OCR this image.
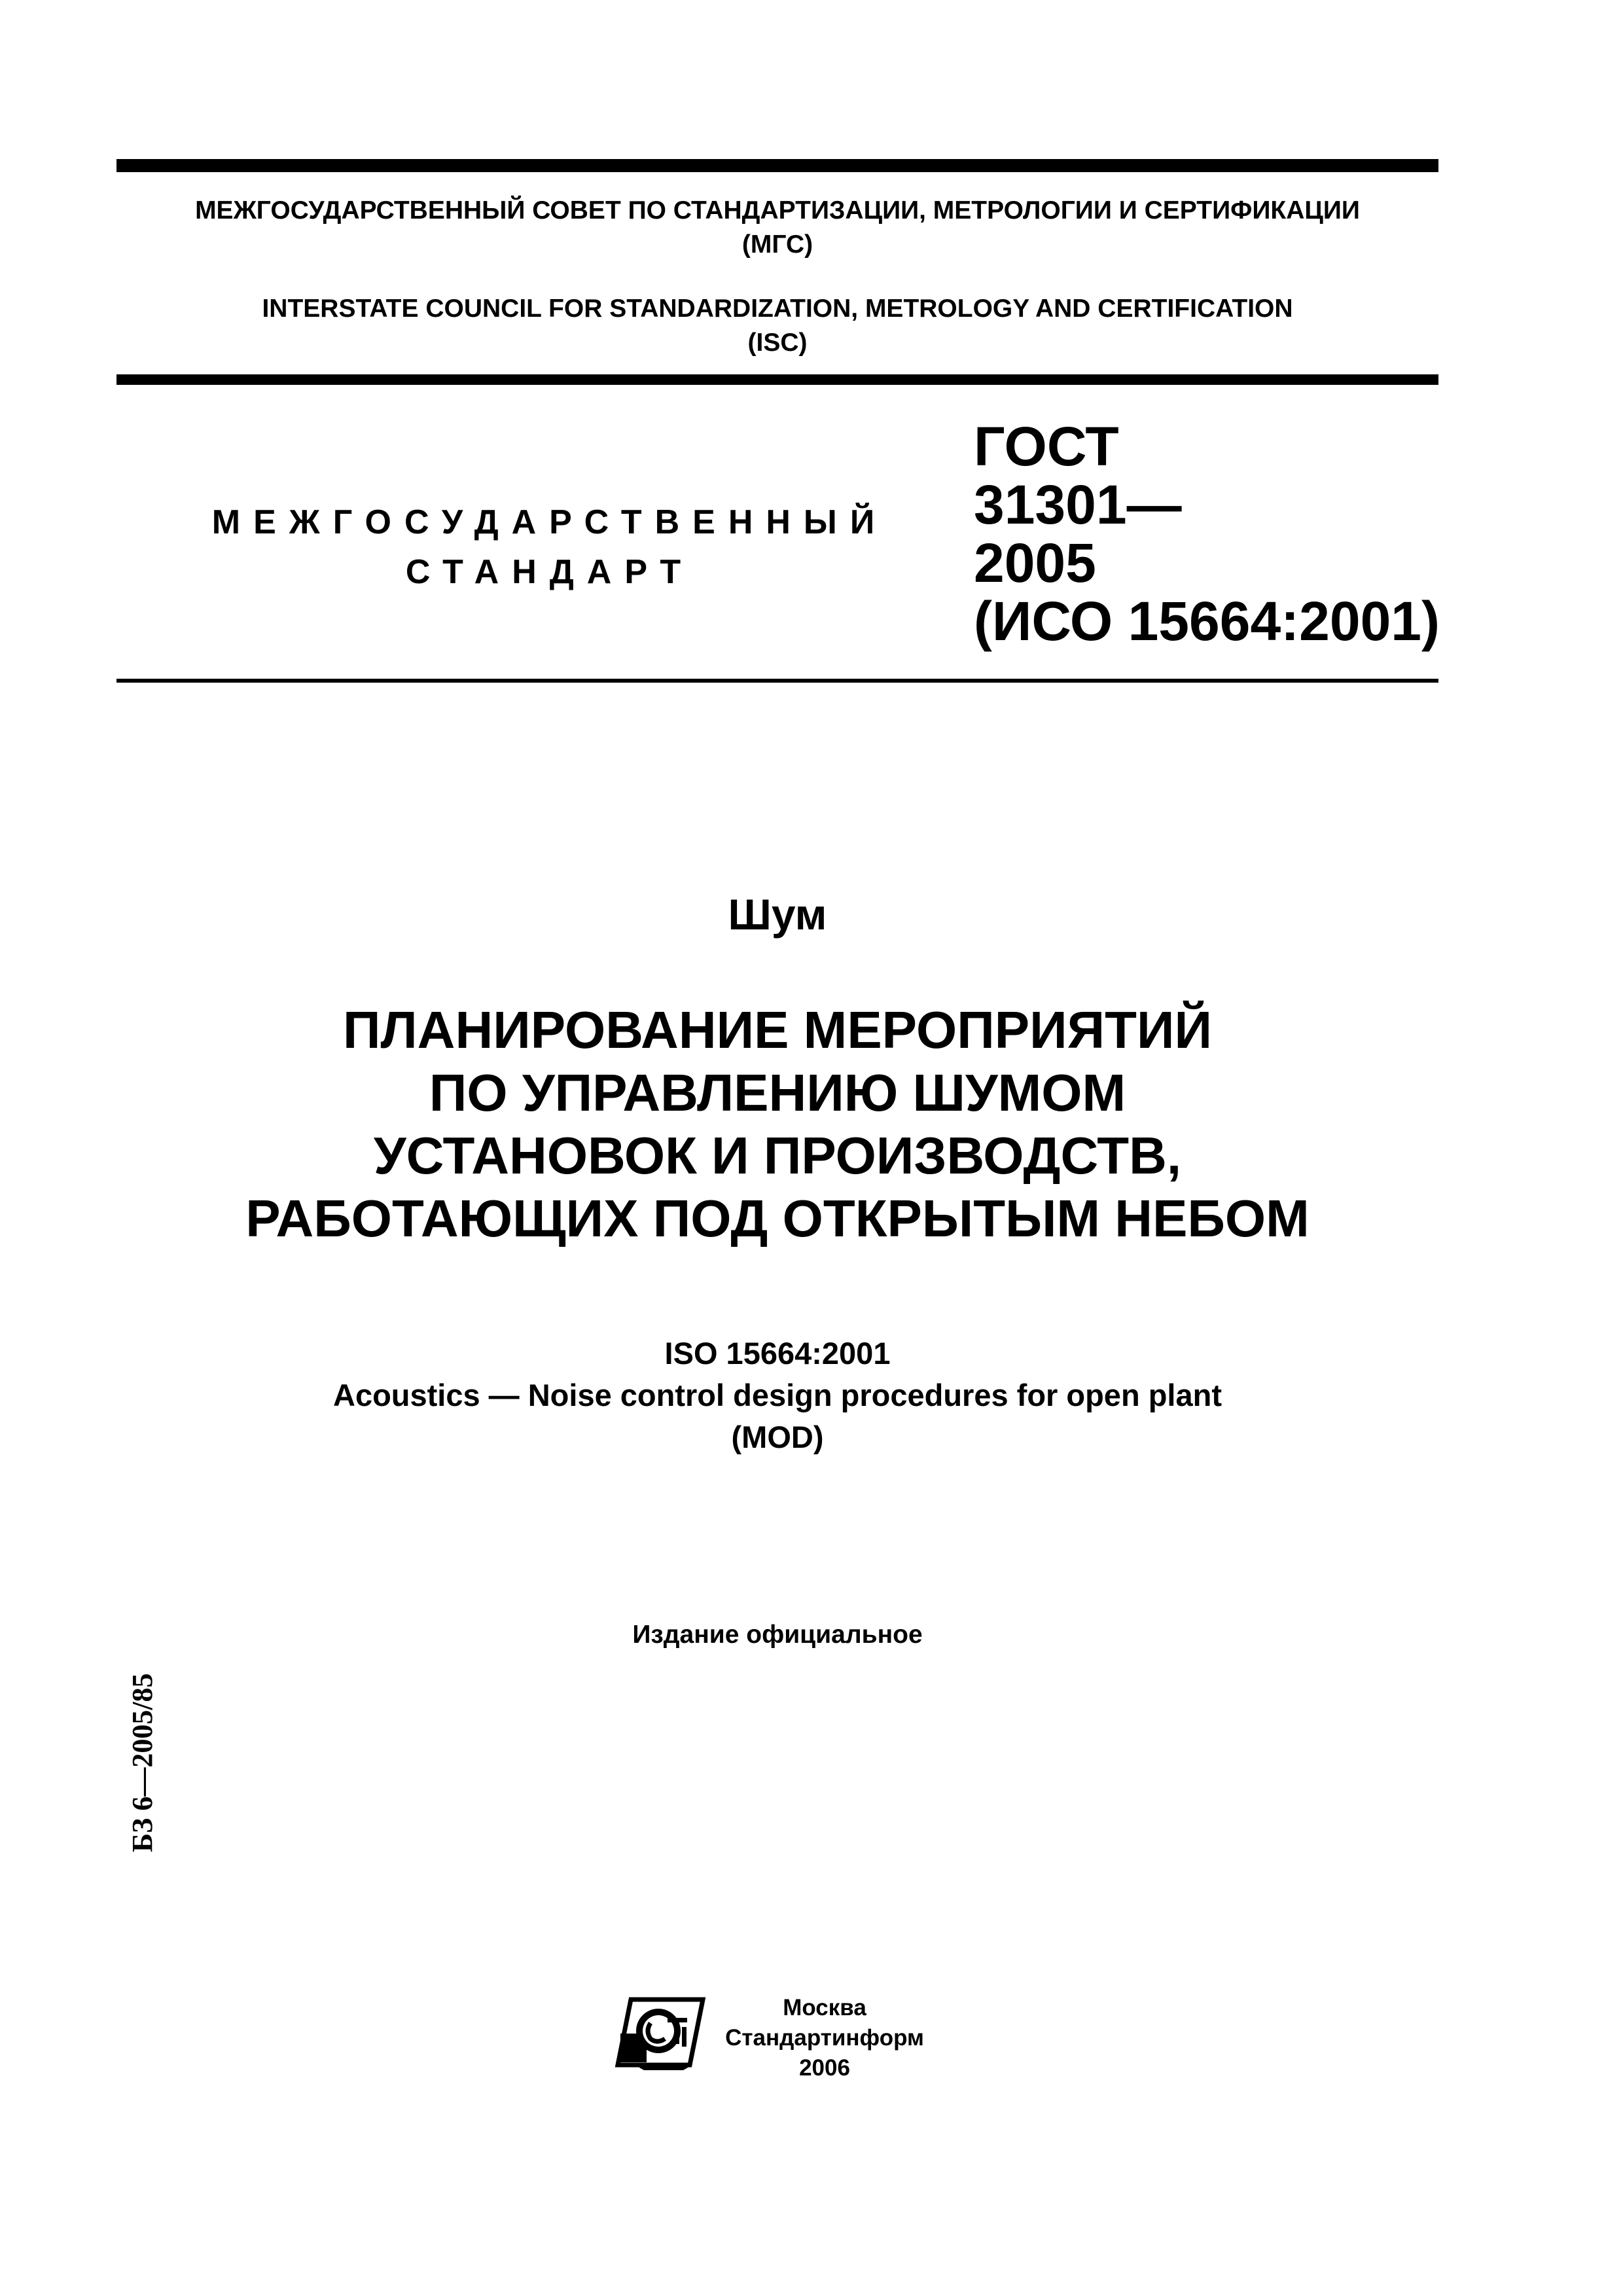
МЕЖГОСУДАРСТВЕННЫЙ СОВЕТ ПО СТАНДАРТИЗАЦИИ, МЕТРОЛОГИИ И СЕРТИФИКАЦИИ
(МГС)
INTERSTATE COUNCIL FOR STANDARDIZATION, METROLOGY AND CERTIFICATION
(ISC)
МЕЖГОСУДАРСТВЕННЫЙ
СТАНДАРТ
ГОСТ
31301—
2005
(ИСО 15664:2001)
Шум
ПЛАНИРОВАНИЕ МЕРОПРИЯТИЙ
ПО УПРАВЛЕНИЮ ШУМОМ
УСТАНОВОК И ПРОИЗВОДСТВ,
РАБОТАЮЩИХ ПОД ОТКРЫТЫМ НЕБОМ
ISO 15664:2001
Acoustics — Noise control design procedures for open plant
(MOD)
Издание официальное
БЗ 6—2005/85
Москва
Стандартинформ
2006
